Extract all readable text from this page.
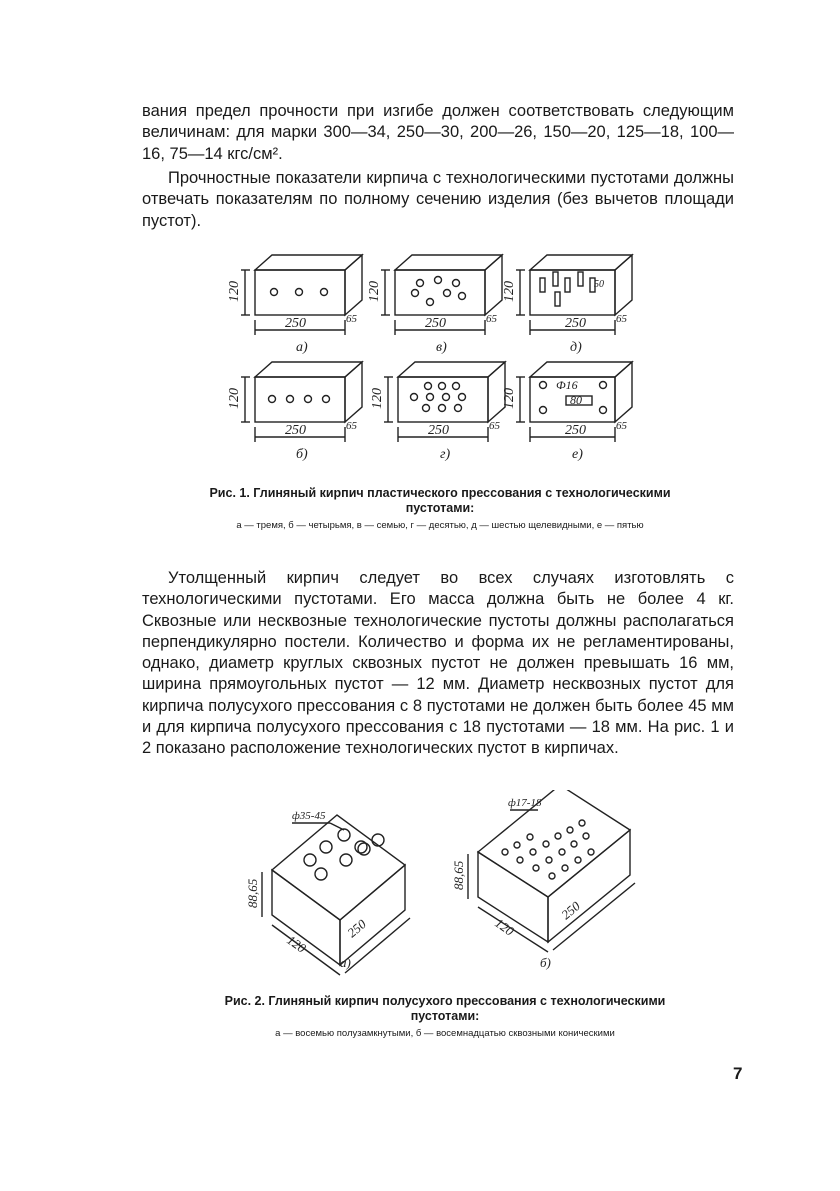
вания предел прочности при изгибе должен соответствовать следующим величинам: для марки 300—34, 250—30, 200—26, 150—20, 125—18, 100—16, 75—14 кгс/см².

Прочностные показатели кирпича с технологическими пустотами должны отвечать показателям по полному сечению изделия (без вычетов площади пустот).

120
250	65
а)
120
250	65
в)
120
250	65
50
д)
120
250	65
б)
120
250	65
г)
120
250	65
Ф16
80
е)
Рис. 1. Глиняный кирпич пластического прессования с технологическими пустотами:
а — тремя, б — четырьмя, в — семью, г — десятью, д — шестью щелевидными, е — пятью

Утолщенный кирпич следует во всех случаях изготовлять с технологическими пустотами. Его масса должна быть не более 4 кг. Сквозные или несквозные технологические пустоты должны располагаться перпендикулярно постели. Количество и форма их не регламентированы, однако, диаметр круглых сквозных пустот не должен превышать 16 мм, ширина прямоугольных пустот — 12 мм. Диаметр несквозных пустот для кирпича полусухого прессования с 8 пустотами не должен быть более 45 мм и для кирпича полусухого прессования с 18 пустотами — 18 мм. На рис. 1 и 2 показано расположение технологических пустот в кирпичах.

ф35-45
88,65
120
250
а)
ф17-18
88,65
120
250
б)
Рис. 2. Глиняный кирпич полусухого прессования с технологическими пустотами:
а — восемью полузамкнутыми, б — восемнадцатью сквозными коническими
7
